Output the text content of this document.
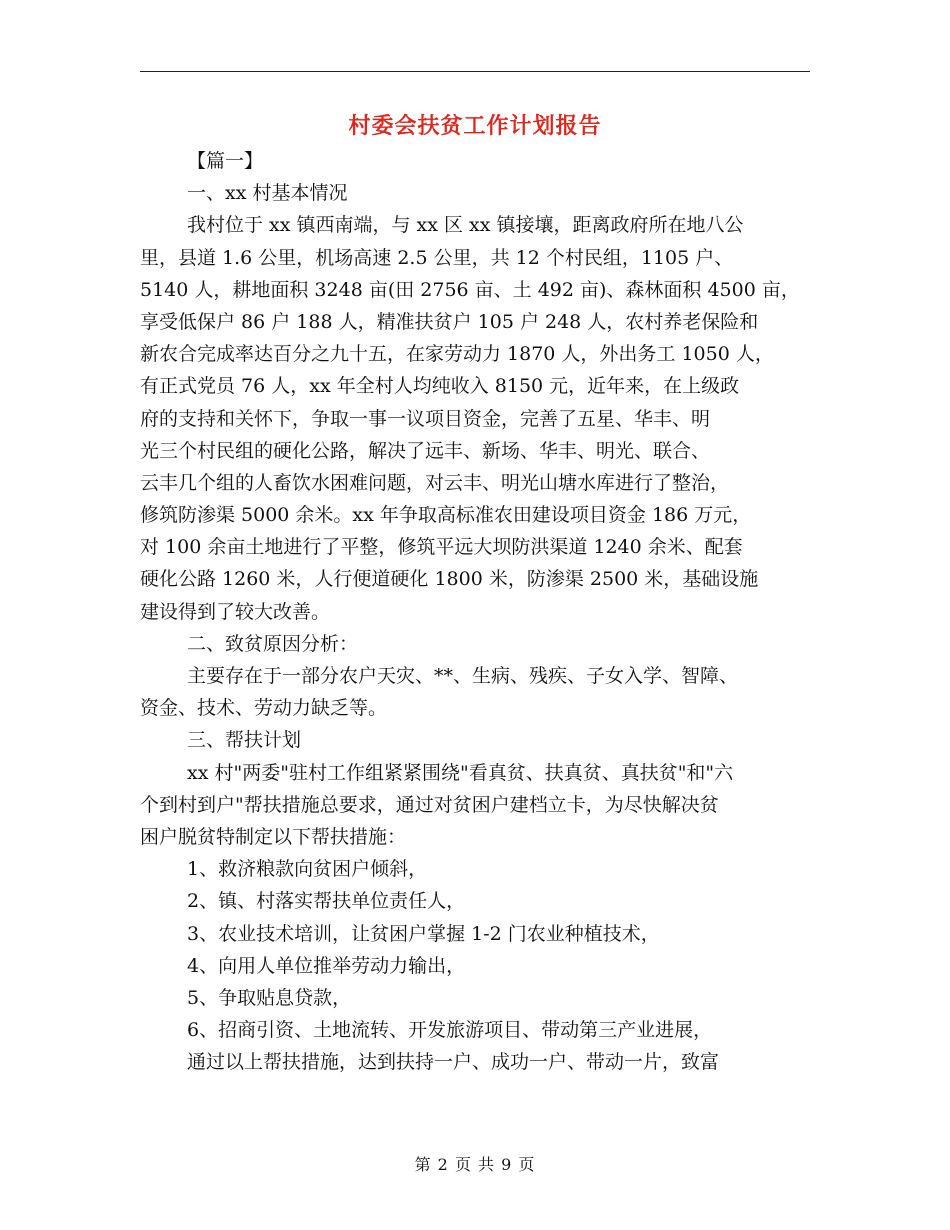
村委会扶贫工作计划报告
【篇一】
一、xx 村基本情况
我村位于 xx 镇西南端，与 xx 区 xx 镇接壤，距离政府所在地八公
里，县道 1.6 公里，机场高速 2.5 公里，共 12 个村民组，1105 户、
5140 人，耕地面积 3248 亩(田 2756 亩、土 492 亩)、森林面积 4500 亩，
享受低保户 86 户 188 人，精准扶贫户 105 户 248 人，农村养老保险和
新农合完成率达百分之九十五，在家劳动力 1870 人，外出务工 1050 人，
有正式党员 76 人，xx 年全村人均纯收入 8150 元，近年来，在上级政
府的支持和关怀下，争取一事一议项目资金，完善了五星、华丰、明
光三个村民组的硬化公路，解决了远丰、新场、华丰、明光、联合、
云丰几个组的人畜饮水困难问题，对云丰、明光山塘水库进行了整治，
修筑防渗渠 5000 余米。xx 年争取高标准农田建设项目资金 186 万元，
对 100 余亩土地进行了平整，修筑平远大坝防洪渠道 1240 余米、配套
硬化公路 1260 米，人行便道硬化 1800 米，防渗渠 2500 米，基础设施
建设得到了较大改善。
二、致贫原因分析：
主要存在于一部分农户天灾、**、生病、残疾、子女入学、智障、
资金、技术、劳动力缺乏等。
三、帮扶计划
xx 村"两委"驻村工作组紧紧围绕"看真贫、扶真贫、真扶贫"和"六
个到村到户"帮扶措施总要求，通过对贫困户建档立卡，为尽快解决贫
困户脱贫特制定以下帮扶措施：
1、救济粮款向贫困户倾斜，
2、镇、村落实帮扶单位责任人，
3、农业技术培训，让贫困户掌握 1-2 门农业种植技术，
4、向用人单位推举劳动力输出，
5、争取贴息贷款，
6、招商引资、土地流转、开发旅游项目、带动第三产业进展，
通过以上帮扶措施，达到扶持一户、成功一户、带动一片，致富
第 2 页 共 9 页
